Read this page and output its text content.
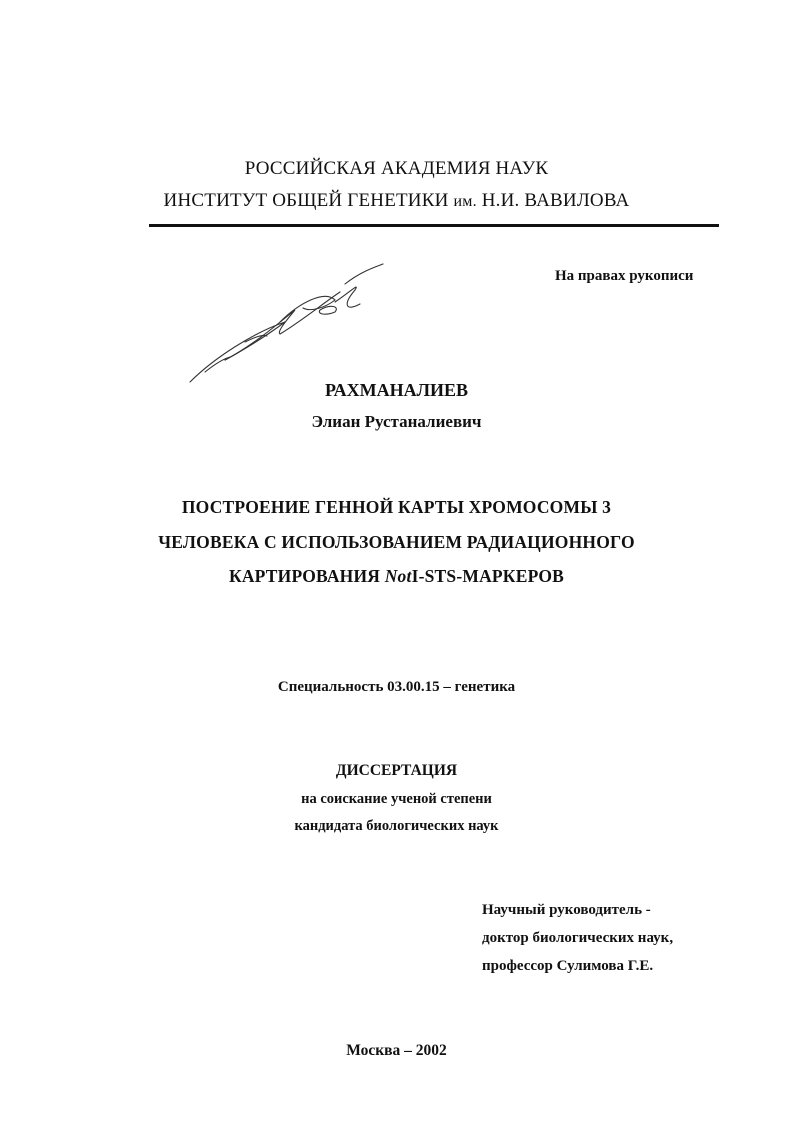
РОССИЙСКАЯ АКАДЕМИЯ НАУК
ИНСТИТУТ ОБЩЕЙ ГЕНЕТИКИ им. Н.И. ВАВИЛОВА
На правах рукописи
РАХМАНАЛИЕВ
Элиан Рустаналиевич
ПОСТРОЕНИЕ ГЕННОЙ КАРТЫ ХРОМОСОМЫ 3
ЧЕЛОВЕКА С ИСПОЛЬЗОВАНИЕМ РАДИАЦИОННОГО
КАРТИРОВАНИЯ NotI-STS-МАРКЕРОВ
Специальность 03.00.15 – генетика
ДИССЕРТАЦИЯ
на соискание ученой степени
кандидата биологических наук
Научный руководитель -
доктор биологических наук,
профессор Сулимова Г.Е.
Москва – 2002
